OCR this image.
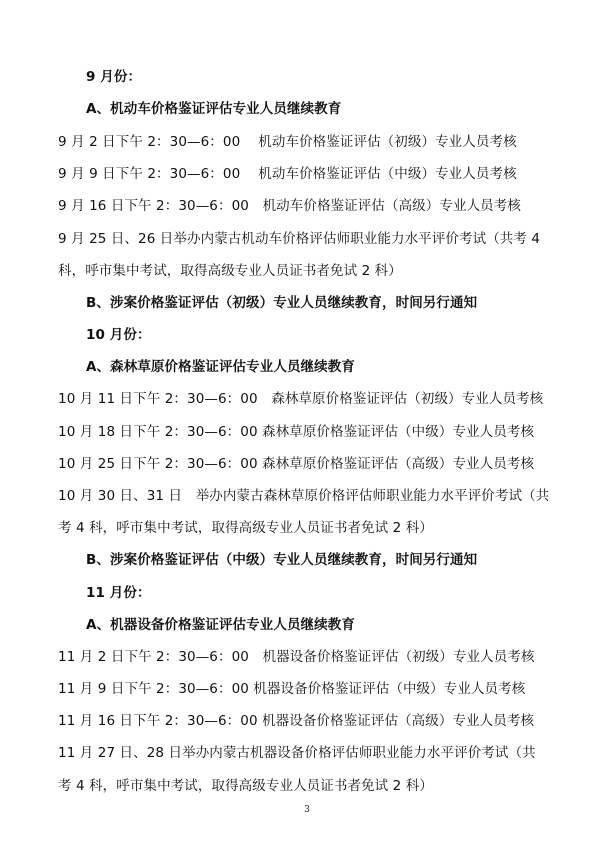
9 月份：
A、机动车价格鉴证评估专业人员继续教育
9 月 2 日下午 2：30—6：00　 机动车价格鉴证评估（初级）专业人员考核
9 月 9 日下午 2：30—6：00　 机动车价格鉴证评估（中级）专业人员考核
9 月 16 日下午 2：30—6：00　机动车价格鉴证评估（高级）专业人员考核
9 月 25 日、26 日举办内蒙古机动车价格评估师职业能力水平评价考试（共考 4
科，呼市集中考试，取得高级专业人员证书者免试 2 科）
B、涉案价格鉴证评估（初级）专业人员继续教育，时间另行通知
10 月份：
A、森林草原价格鉴证评估专业人员继续教育
10 月 11 日下午 2：30—6：00　森林草原价格鉴证评估（初级）专业人员考核
10 月 18 日下午 2：30—6：00 森林草原价格鉴证评估（中级）专业人员考核
10 月 25 日下午 2：30—6：00 森林草原价格鉴证评估（高级）专业人员考核
10 月 30 日、31 日　举办内蒙古森林草原价格评估师职业能力水平评价考试（共
考 4 科，呼市集中考试，取得高级专业人员证书者免试 2 科）
B、涉案价格鉴证评估（中级）专业人员继续教育，时间另行通知
11 月份：
A、机器设备价格鉴证评估专业人员继续教育
11 月 2 日下午 2：30—6：00　机器设备价格鉴证评估（初级）专业人员考核
11 月 9 日下午 2：30—6：00 机器设备价格鉴证评估（中级）专业人员考核
11 月 16 日下午 2：30—6：00 机器设备价格鉴证评估（高级）专业人员考核
11 月 27 日、28 日举办内蒙古机器设备价格评估师职业能力水平评价考试（共
考 4 科，呼市集中考试，取得高级专业人员证书者免试 2 科）
3
